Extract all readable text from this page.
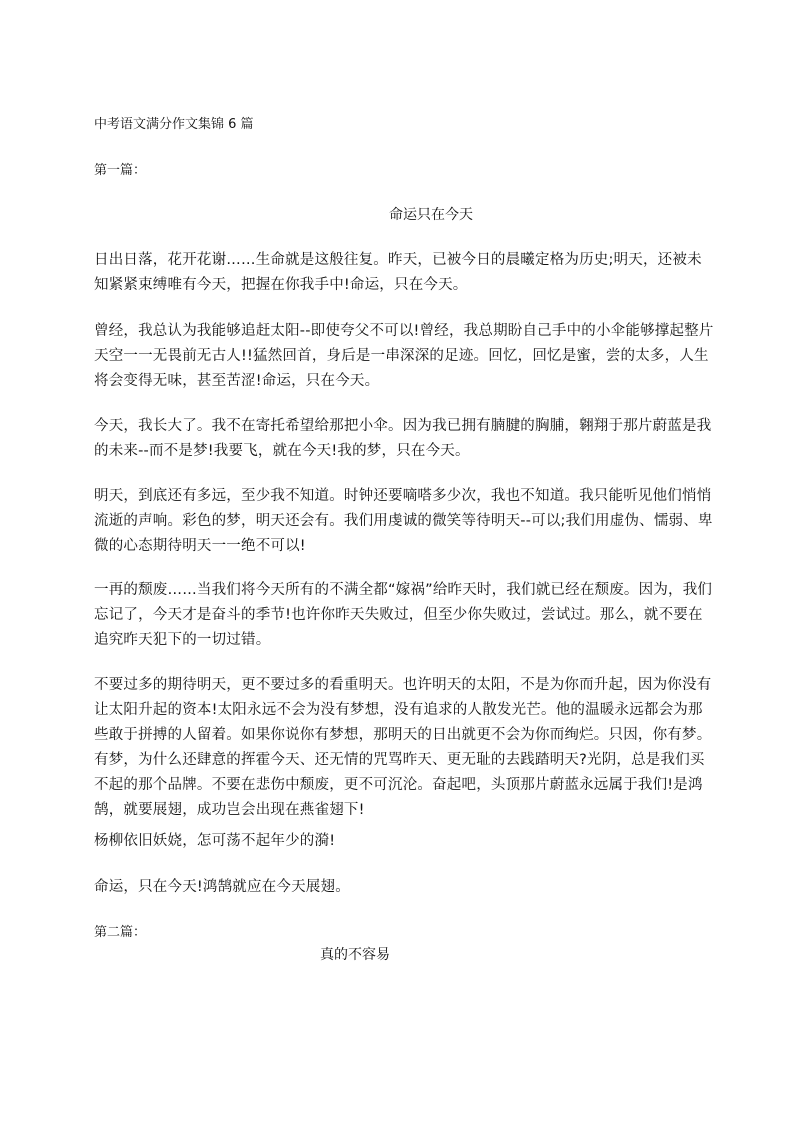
中考语文满分作文集锦 6 篇
第一篇：
命运只在今天

日出日落，花开花谢……生命就是这般往复。昨天，已被今日的晨曦定格为历史;明天，还被未知紧紧束缚唯有今天，把握在你我手中!命运，只在今天。

曾经，我总认为我能够追赶太阳--即使夸父不可以!曾经，我总期盼自己手中的小伞能够撑起整片天空一一无畏前无古人!!猛然回首，身后是一串深深的足迹。回忆，回忆是蜜，尝的太多，人生将会变得无味，甚至苦涩!命运，只在今天。

今天，我长大了。我不在寄托希望给那把小伞。因为我已拥有腩腱的胸脯，翱翔于那片蔚蓝是我的未来--而不是梦!我要飞，就在今天!我的梦，只在今天。

明天，到底还有多远，至少我不知道。时钟还要嘀嗒多少次，我也不知道。我只能听见他们悄悄流逝的声响。彩色的梦，明天还会有。我们用虔诚的微笑等待明天--可以;我们用虚伪、懦弱、卑微的心态期待明天一一绝不可以!

一再的颓废……当我们将今天所有的不满全都“嫁祸”给昨天时，我们就已经在颓废。因为，我们忘记了，今天才是奋斗的季节!也许你昨天失败过，但至少你失败过，尝试过。那么，就不要在追究昨天犯下的一切过错。

不要过多的期待明天，更不要过多的看重明天。也许明天的太阳，不是为你而升起，因为你没有让太阳升起的资本!太阳永远不会为没有梦想，没有追求的人散发光芒。他的温暖永远都会为那些敢于拼搏的人留着。如果你说你有梦想，那明天的日出就更不会为你而绚烂。只因，你有梦。有梦，为什么还肆意的挥霍今天、还无情的咒骂昨天、更无耻的去践踏明天?光阴，总是我们买不起的那个品牌。不要在悲伤中颓废，更不可沉沦。奋起吧，头顶那片蔚蓝永远属于我们!是鸿鹄，就要展翅，成功岂会出现在燕雀翅下!

杨柳依旧妖娆，怎可荡不起年少的漪!

命运，只在今天!鸿鹄就应在今天展翅。

第二篇：
真的不容易
